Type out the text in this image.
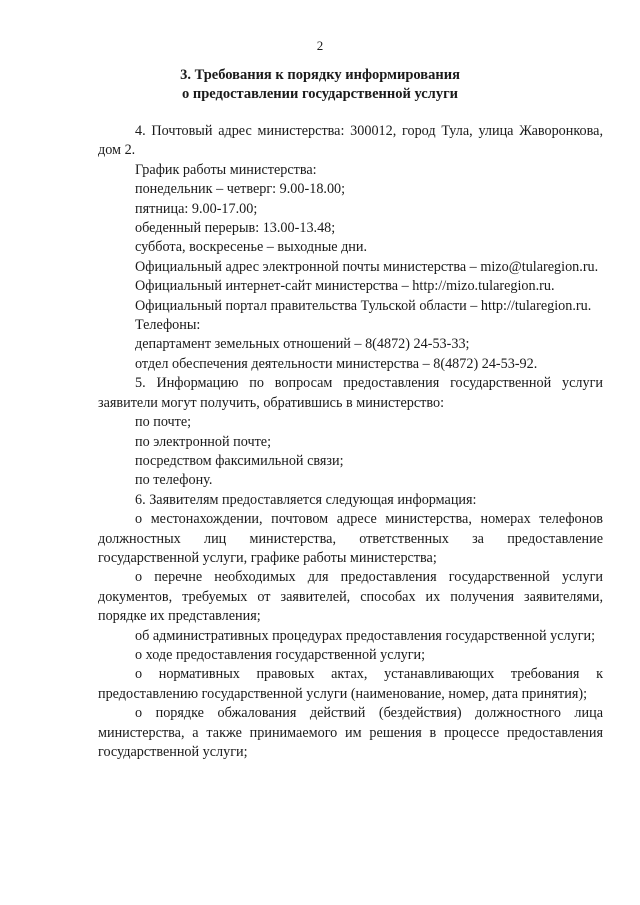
2
3. Требования к порядку информирования
о предоставлении государственной услуги

4. Почтовый адрес министерства: 300012, город Тула, улица Жаворонкова, дом 2.

График работы министерства:

понедельник – четверг: 9.00-18.00;

пятница: 9.00-17.00;

обеденный перерыв: 13.00-13.48;

суббота, воскресенье – выходные дни.

Официальный адрес электронной почты министерства – mizo@tularegion.ru.

Официальный интернет-сайт министерства – http://mizo.tularegion.ru.

Официальный портал правительства Тульской области – http://tularegion.ru.

Телефоны:

департамент земельных отношений – 8(4872) 24-53-33;

отдел обеспечения деятельности министерства – 8(4872) 24-53-92.

5. Информацию по вопросам предоставления государственной услуги заявители могут получить, обратившись в министерство:

по почте;

по электронной почте;

посредством факсимильной связи;

по телефону.

6. Заявителям предоставляется следующая информация:

о местонахождении, почтовом адресе министерства, номерах телефонов должностных лиц министерства, ответственных за предоставление государственной услуги, графике работы министерства;

о перечне необходимых для предоставления государственной услуги документов, требуемых от заявителей, способах их получения заявителями, порядке их представления;

об административных процедурах предоставления государственной услуги;

о ходе предоставления государственной услуги;

о нормативных правовых актах, устанавливающих требования к предоставлению государственной услуги (наименование, номер, дата принятия);

о порядке обжалования действий (бездействия) должностного лица министерства, а также принимаемого им решения в процессе предоставления государственной услуги;
